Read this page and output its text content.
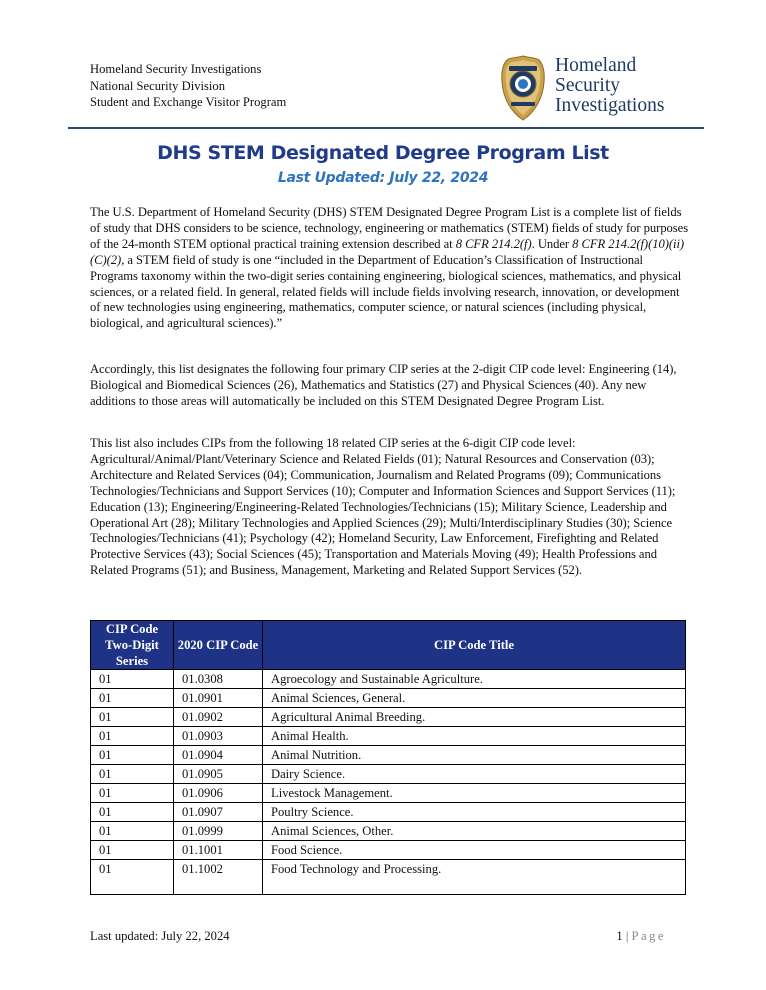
Homeland Security Investigations
National Security Division
Student and Exchange Visitor Program
Homeland
Security
Investigations
DHS STEM Designated Degree Program List
Last Updated: July 22, 2024

The U.S. Department of Homeland Security (DHS) STEM Designated Degree Program List is a complete list of fields of study that DHS considers to be science, technology, engineering or mathematics (STEM) fields of study for purposes of the 24-month STEM optional practical training extension described at 8 CFR 214.2(f). Under 8 CFR 214.2(f)(10)(ii)(C)(2), a STEM field of study is one “included in the Department of Education’s Classification of Instructional Programs taxonomy within the two-digit series containing engineering, biological sciences, mathematics, and physical sciences, or a related field. In general, related fields will include fields involving research, innovation, or development of new technologies using engineering, mathematics, computer science, or natural sciences (including physical, biological, and agricultural sciences).”

Accordingly, this list designates the following four primary CIP series at the 2-digit CIP code level: Engineering (14), Biological and Biomedical Sciences (26), Mathematics and Statistics (27) and Physical Sciences (40). Any new additions to those areas will automatically be included on this STEM Designated Degree Program List.

This list also includes CIPs from the following 18 related CIP series at the 6-digit CIP code level: Agricultural/Animal/Plant/Veterinary Science and Related Fields (01); Natural Resources and Conservation (03); Architecture and Related Services (04); Communication, Journalism and Related Programs (09); Communications Technologies/Technicians and Support Services (10); Computer and Information Sciences and Support Services (11); Education (13); Engineering/Engineering-Related Technologies/Technicians (15); Military Science, Leadership and Operational Art (28); Military Technologies and Applied Sciences (29); Multi/Interdisciplinary Studies (30); Science Technologies/Technicians (41); Psychology (42); Homeland Security, Law Enforcement, Firefighting and Related Protective Services (43); Social Sciences (45); Transportation and Materials Moving (49); Health Professions and Related Programs (51); and Business, Management, Marketing and Related Support Services (52).

CIP Code Two-Digit Series	2020 CIP Code	CIP Code Title
01	01.0308	Agroecology and Sustainable Agriculture.
01	01.0901	Animal Sciences, General.
01	01.0902	Agricultural Animal Breeding.
01	01.0903	Animal Health.
01	01.0904	Animal Nutrition.
01	01.0905	Dairy Science.
01	01.0906	Livestock Management.
01	01.0907	Poultry Science.
01	01.0999	Animal Sciences, Other.
01	01.1001	Food Science.
01	01.1002	Food Technology and Processing.
Last updated: July 22, 2024	1 | Page
